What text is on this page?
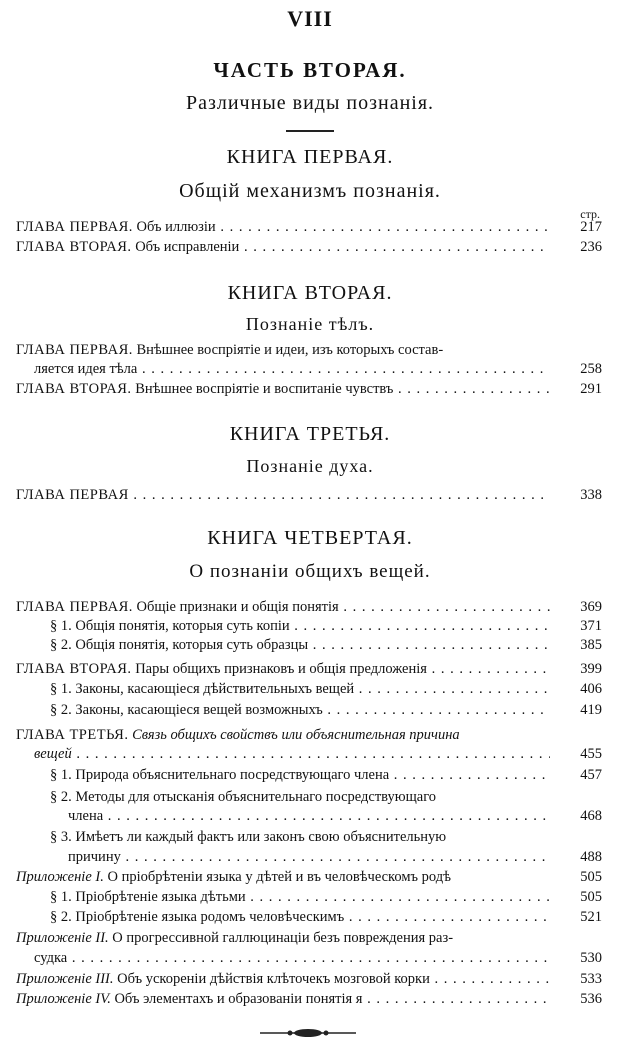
VIII
ЧАСТЬ ВТОРАЯ.
Различные виды познанія.
КНИГА ПЕРВАЯ.
Общій механизмъ познанія.
стр.
ГЛАВА ПЕРВАЯ. Объ иллюзіи . . .	217
ГЛАВА ВТОРАЯ. Объ исправленіи . . .	236
КНИГА ВТОРАЯ.
Познаніе тѣлъ.
ГЛАВА ПЕРВАЯ. Внѣшнее воспріятіе и идеи, изъ которыхъ состав-
ляется идея тѣла . . .	258
ГЛАВА ВТОРАЯ. Внѣшнее воспріятіе и воспитаніе чувствъ . . .	291
КНИГА ТРЕТЬЯ.
Познаніе духа.
ГЛАВА ПЕРВАЯ . . .	338
КНИГА ЧЕТВЕРТАЯ.
О познаніи общихъ вещей.
ГЛАВА ПЕРВАЯ. Общіе признаки и общія понятія . . .	369
§ 1. Общія понятія, которыя суть копіи . . .	371
§ 2. Общія понятія, которыя суть образцы . . .	385
ГЛАВА ВТОРАЯ. Пары общихъ признаковъ и общія предложенія . . .	399
§ 1. Законы, касающіеся дѣйствительныхъ вещей . . .	406
§ 2. Законы, касающіеся вещей возможныхъ . . .	419
ГЛАВА ТРЕТЬЯ. Связь общихъ свойствъ или объяснительная причина
вещей . . .	455
§ 1. Природа объяснительнаго посредствующаго члена . . .	457
§ 2. Методы для отысканія объяснительнаго посредствующаго
члена . . .	468
§ 3. Имѣетъ ли каждый фактъ или законъ свою объяснительную
причину . . .	488
Приложеніе I. О пріобрѣтеніи языка у дѣтей и въ человѣческомъ родѣ	505
§ 1. Пріобрѣтеніе языка дѣтьми . . .	505
§ 2. Пріобрѣтеніе языка родомъ человѣческимъ . . .	521
Приложеніе II. О прогрессивной галлюцинаціи безъ повреждения раз-
судка . . .	530
Приложеніе III. Объ ускореніи дѣйствія клѣточекъ мозговой корки . . .	533
Приложеніе IV. Объ элементахъ и образованіи понятія я . . .	536
